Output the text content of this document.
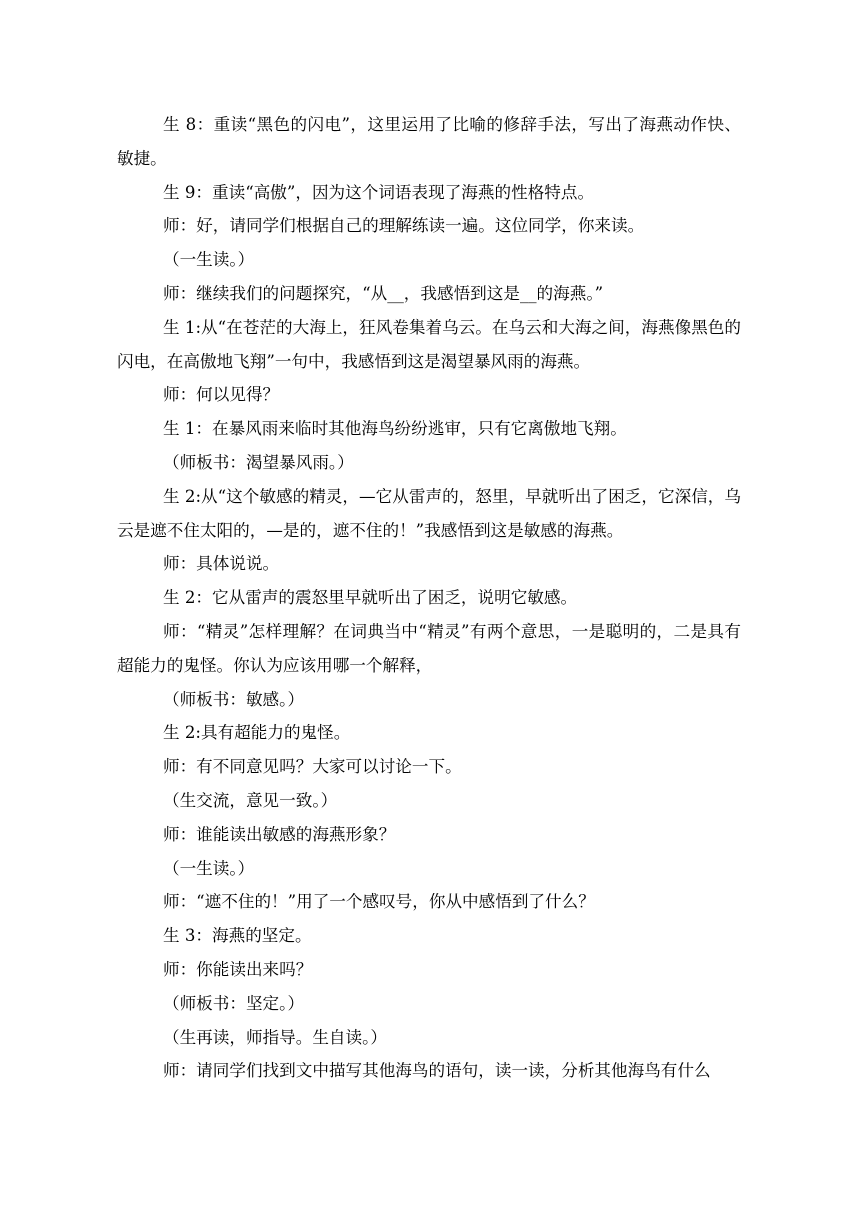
生 8：重读“黑色的闪电”，这里运用了比喻的修辞手法，写出了海燕动作快、敏捷。

生 9：重读“高傲”，因为这个词语表现了海燕的性格特点。

师：好，请同学们根据自己的理解练读一遍。这位同学，你来读。

（一生读。）

师：继续我们的问题探究，“从__，我感悟到这是__的海燕。”

生 1:从“在苍茫的大海上，狂风卷集着乌云。在乌云和大海之间，海燕像黑色的闪电，在高傲地飞翔”一句中，我感悟到这是渴望暴风雨的海燕。

师：何以见得？

生 1：在暴风雨来临时其他海鸟纷纷逃审，只有它离傲地飞翔。

（师板书：渴望暴风雨。）

生 2:从“这个敏感的精灵，—它从雷声的，怒里，早就听出了困乏，它深信，乌云是遮不住太阳的，—是的，遮不住的！”我感悟到这是敏感的海燕。

师：具体说说。

生 2：它从雷声的震怒里早就听出了困乏，说明它敏感。

师：“精灵”怎样理解？在词典当中“精灵”有两个意思，一是聪明的，二是具有超能力的鬼怪。你认为应该用哪一个解释，

（师板书：敏感。）

生 2:具有超能力的鬼怪。

师：有不同意见吗？大家可以讨论一下。

（生交流，意见一致。）

师：谁能读出敏感的海燕形象？

（一生读。）

师：“遮不住的！”用了一个感叹号，你从中感悟到了什么？

生 3：海燕的坚定。

师：你能读出来吗？

（师板书：坚定。）

（生再读，师指导。生自读。）

师：请同学们找到文中描写其他海鸟的语句，读一读，分析其他海鸟有什么
